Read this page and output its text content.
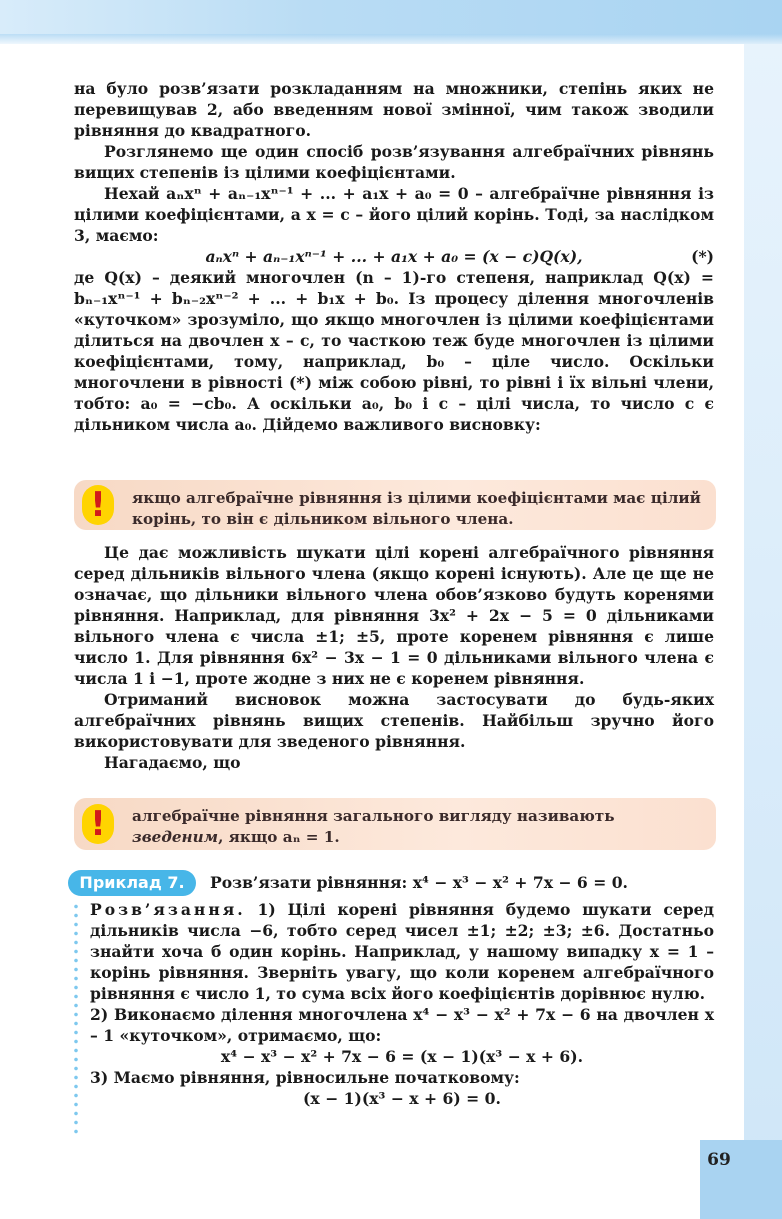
69

на було розв’язати розкладанням на множники, степінь яких не перевищував 2, або введенням нової змінної, чим також зводили рівняння до квадратного.

Розглянемо ще один спосіб розв’язування алгебраїчних рівнянь вищих степенів із цілими коефіцієнтами.

Нехай aₙxⁿ + aₙ₋₁xⁿ⁻¹ + ... + a₁x + a₀ = 0 – алгебраїчне рівняння із цілими коефіцієнтами, а x = c – його цілий корінь. Тоді, за наслідком 3, маємо:

aₙxⁿ + aₙ₋₁xⁿ⁻¹ + ... + a₁x + a₀ = (x − c)Q(x),	(*)

де Q(x) – деякий многочлен (n – 1)-го степеня, наприклад Q(x) = bₙ₋₁xⁿ⁻¹ + bₙ₋₂xⁿ⁻² + ... + b₁x + b₀. Із процесу ділення многочленів «куточком» зрозуміло, що якщо многочлен із цілими коефіцієнтами ділиться на двочлен x – c, то часткою теж буде многочлен із цілими коефіцієнтами, тому, наприклад, b₀ – ціле число. Оскільки многочлени в рівності (*) між собою рівні, то рівні і їх вільні члени, тобто: a₀ = −cb₀. А оскільки a₀, b₀ і c – цілі числа, то число c є дільником числа a₀. Дійдемо важливого висновку:

!	якщо алгебраїчне рівняння із цілими коефіцієнтами має цілий корінь, то він є дільником вільного члена.

Це дає можливість шукати цілі корені алгебраїчного рівняння серед дільників вільного члена (якщо корені існують). Але це ще не означає, що дільники вільного члена обов’язково будуть коренями рівняння. Наприклад, для рівняння 3x² + 2x − 5 = 0 дільниками вільного члена є числа ±1; ±5, проте коренем рівняння є лише число 1. Для рівняння 6x² − 3x − 1 = 0 дільниками вільного члена є числа 1 і −1, проте жодне з них не є коренем рівняння.

Отриманий висновок можна застосувати до будь-яких алгебраїчних рівнянь вищих степенів. Найбільш зручно його використовувати для зведеного рівняння.

Нагадаємо, що

!	алгебраїчне рівняння загального вигляду називають зведеним, якщо aₙ = 1.
Приклад 7.	Розв’язати рівняння: x⁴ − x³ − x² + 7x − 6 = 0.

Розв’язання. 1) Цілі корені рівняння будемо шукати серед дільників числа −6, тобто серед чисел ±1; ±2; ±3; ±6. Достатньо знайти хоча б один корінь. Наприклад, у нашому випадку x = 1 – корінь рівняння. Зверніть увагу, що коли коренем алгебраїчного рівняння є число 1, то сума всіх його коефіцієнтів дорівнює нулю.

2) Виконаємо ділення многочлена x⁴ − x³ − x² + 7x − 6 на двочлен x – 1 «куточком», отримаємо, що:

x⁴ − x³ − x² + 7x − 6 = (x − 1)(x³ − x + 6).

3) Маємо рівняння, рівносильне початковому:

(x − 1)(x³ − x + 6) = 0.
